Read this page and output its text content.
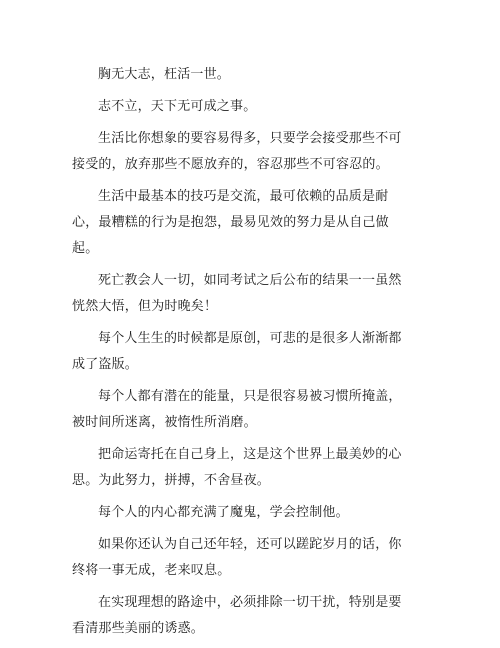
胸无大志，枉活一世。

志不立，天下无可成之事。

生活比你想象的要容易得多，只要学会接受那些不可接受的，放弃那些不愿放弃的，容忍那些不可容忍的。

生活中最基本的技巧是交流，最可依赖的品质是耐心，最糟糕的行为是抱怨，最易见效的努力是从自己做起。

死亡教会人一切，如同考试之后公布的结果一一虽然恍然大悟，但为时晚矣！

每个人生生的时候都是原创，可悲的是很多人渐渐都成了盗版。

每个人都有潜在的能量，只是很容易被习惯所掩盖，被时间所迷离，被惰性所消磨。

把命运寄托在自己身上，这是这个世界上最美妙的心思。为此努力，拼搏，不舍昼夜。

每个人的内心都充满了魔鬼，学会控制他。

如果你还认为自己还年轻，还可以蹉跎岁月的话，你终将一事无成，老来叹息。

在实现理想的路途中，必须排除一切干扰，特别是要看清那些美丽的诱惑。
